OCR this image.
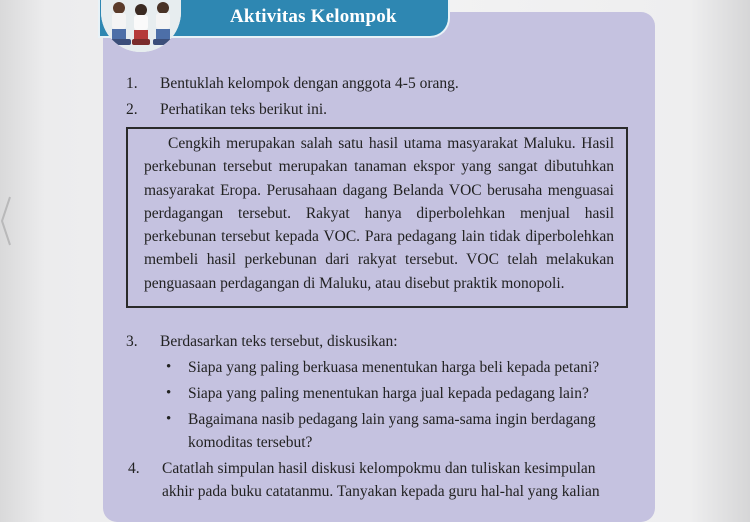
Aktivitas Kelompok
1. Bentuklah kelompok dengan anggota 4-5 orang.
2. Perhatikan teks berikut ini.
Cengkih merupakan salah satu hasil utama masyarakat Maluku. Hasil perkebunan tersebut merupakan tanaman ekspor yang sangat dibutuhkan masyarakat Eropa. Perusahaan dagang Belanda VOC berusaha menguasai perdagangan tersebut. Rakyat hanya diperbolehkan menjual hasil perkebunan tersebut kepada VOC. Para pedagang lain tidak diperbolehkan membeli hasil perkebunan dari rakyat tersebut. VOC telah melakukan penguasaan perdagangan di Maluku, atau disebut praktik monopoli.
3. Berdasarkan teks tersebut, diskusikan:
• Siapa yang paling berkuasa menentukan harga beli kepada petani?
• Siapa yang paling menentukan harga jual kepada pedagang lain?
• Bagaimana nasib pedagang lain yang sama-sama ingin berdagang
komoditas tersebut?
4. Catatlah simpulan hasil diskusi kelompokmu dan tuliskan kesimpulan
akhir pada buku catatanmu. Tanyakan kepada guru hal-hal yang kalian
